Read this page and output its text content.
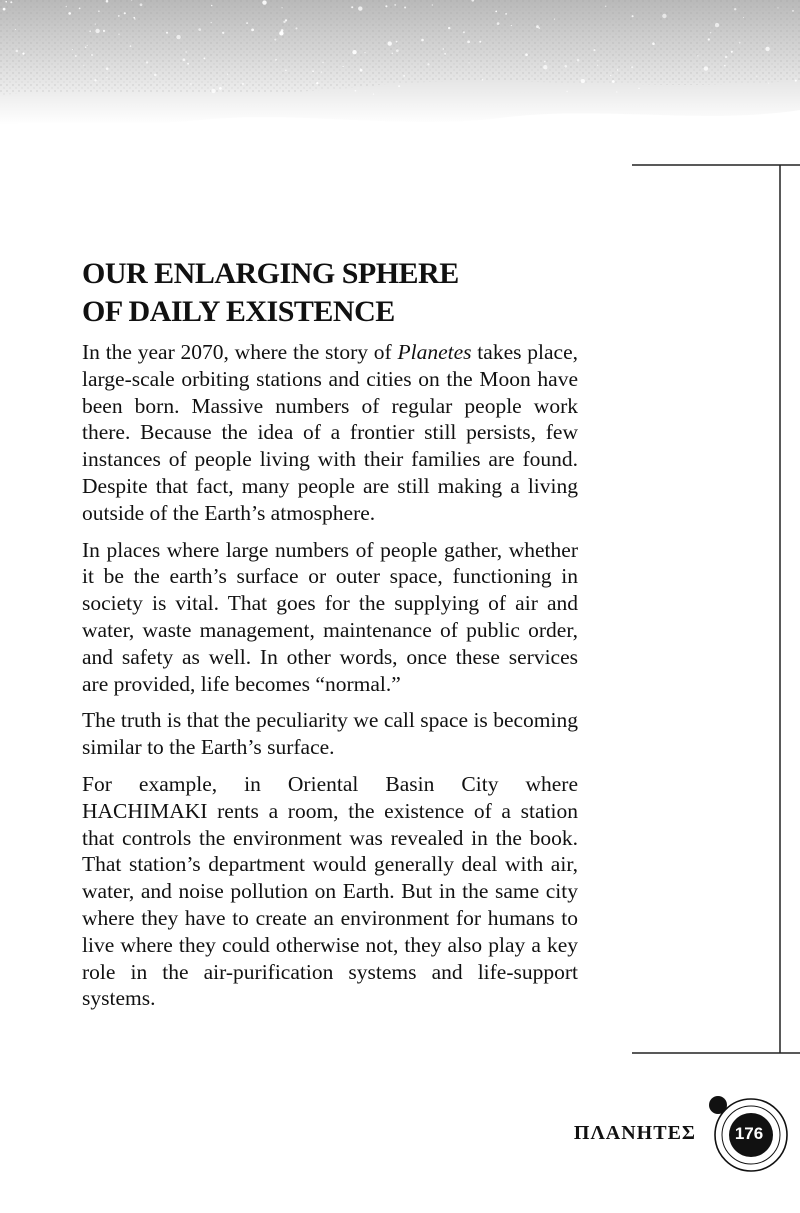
OUR ENLARGING SPHERE
OF DAILY EXISTENCE

In the year 2070, where the story of Planetes takes place, large-scale orbiting stations and cities on the Moon have been born. Massive numbers of regular people work there. Because the idea of a frontier still persists, few instances of people living with their families are found. Despite that fact, many people are still making a living outside of the Earth’s atmosphere.

In places where large numbers of people gather, whether it be the earth’s surface or outer space, functioning in society is vital. That goes for the supplying of air and water, waste management, maintenance of public order, and safety as well. In other words, once these services are provided, life becomes “normal.”

The truth is that the peculiarity we call space is becoming similar to the Earth’s surface.

For example, in Oriental Basin City where HACHIMAKI rents a room, the existence of a station that controls the environment was revealed in the book. That station’s department would generally deal with air, water, and noise pollution on Earth. But in the same city where they have to create an environment for humans to live where they could otherwise not, they also play a key role in the air-purification systems and life-support systems.

ΠΛΑΝΗΤΕΣ	176
